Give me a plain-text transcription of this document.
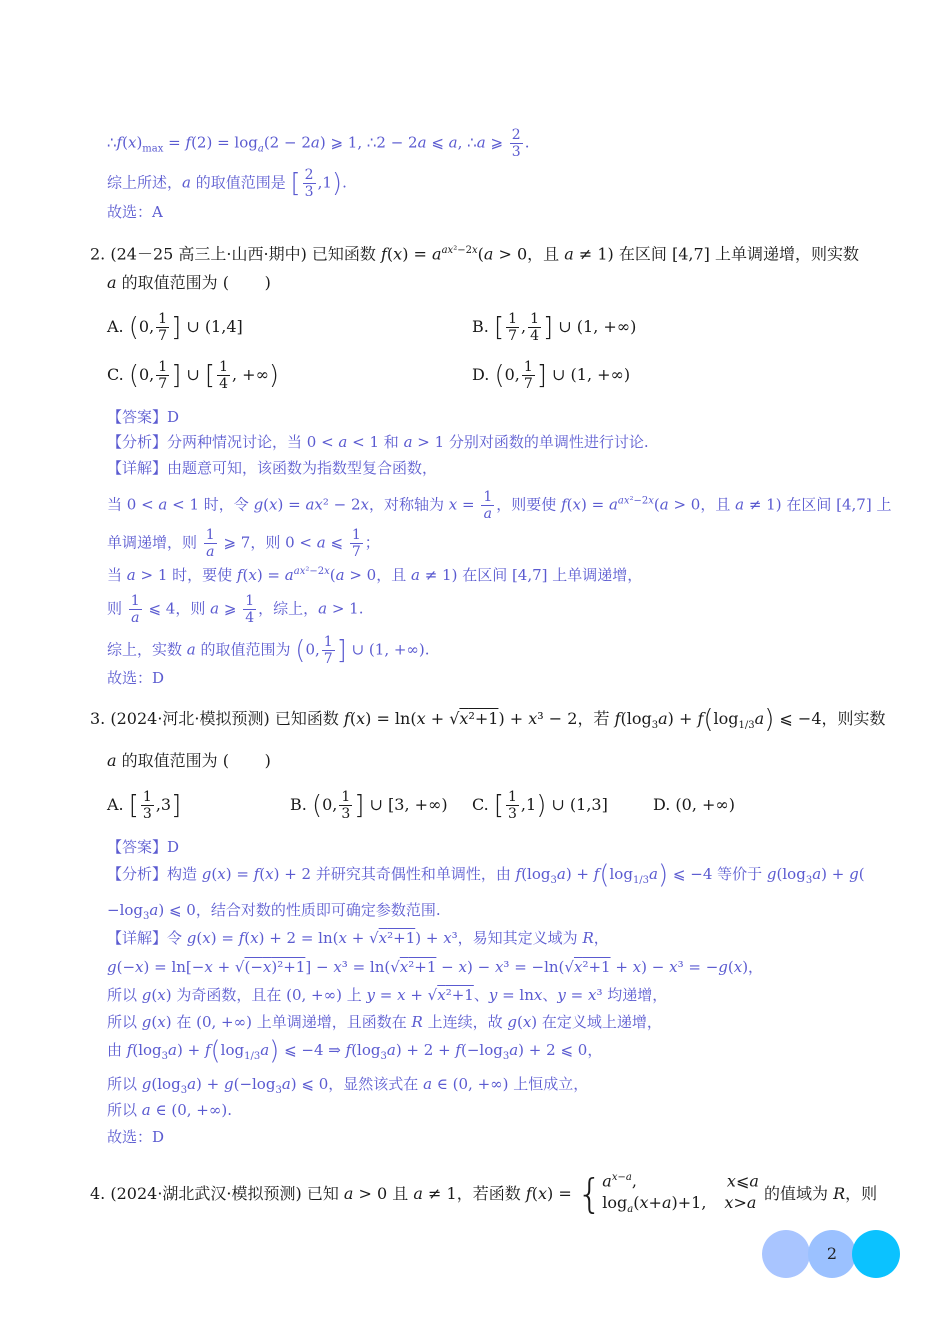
$\therefore f(x)_{max} = f(2) = \log_a(2 - 2a)$ ⩾ 1, ∴2 − 2a ⩽ a, ∴a ⩾ $\frac{2}{3}$ .
综上所述，a 的取值范围是 [ $\frac{2}{3} ,1$).
故选：A
2. (24－25 高三上·山西·期中) 已知函数 $f(x) = a^{ax^2-2x}(a > 0$，且 a ≠ 1) 在区间 [4,7] 上单调递增，则实数
a 的取值范围为 (       )
A. (0, $\frac{1}{7}$ ] ∪ (1,4]	B. [ $\frac{1}{7}$ , $\frac{1}{4}$ ] ∪ (1, +∞)
C. (0, $\frac{1}{7}$ ] ∪ [ $\frac{1}{4}$ , +∞)	D. (0, $\frac{1}{7}$ ] ∪ (1, +∞)
【答案】D
【分析】分两种情况讨论，当 0 < a < 1 和 a > 1 分别对函数的单调性进行讨论.
【详解】由题意可知，该函数为指数型复合函数，
当 0 < a < 1 时，令 g(x) = ax² − 2x，对称轴为 $x = \frac{1}{a}$ ，则要使 $f(x) = a^{ax^2-2x}(a > 0$，且 a ≠ 1) 在区间 [4,7] 上
单调递增，则 $\frac{1}{a}$ ⩾ 7，则 0 < a ⩽ $\frac{1}{7}$ ；
当 a > 1 时，要使 $f(x) = a^{ax^2-2x}(a > 0$，且 a ≠ 1) 在区间 [4,7] 上单调递增，
则 $\frac{1}{a}$ ⩽ 4，则 a ⩾ $\frac{1}{4}$ ，综上，a > 1.
综上，实数 a 的取值范围为 (0, $\frac{1}{7}$ ] ∪ (1, +∞).
故选：D
3. (2024·河北·模拟预测) 已知函数 f(x) = ln(x + √x²+1) + x³ − 2，若 $f(\log_3a) + f(\log_{1/3}a)$ ⩽ −4，则实数
a 的取值范围为 (       )
A. [ $\frac{1}{3} ,3$]	B. (0, $\frac{1}{3}$ ] ∪ [3, +∞) C. [ $\frac{1}{3} ,1$) ∪ (1,3]	D. (0, +∞)
【答案】D
【分析】构造 g(x) = f(x) + 2 并研究其奇偶性和单调性，由 $f(\log_3a) + f(\log_{1/3}a)$ ⩽ −4 等价于 $g(\log_3a) + g$(
$-\log_3a$) ⩽ 0，结合对数的性质即可确定参数范围.
【详解】令 g(x) = f(x) + 2 = ln(x + √x²+1) + x³，易知其定义域为 R，
g(−x) = ln[−x + √(−x)²+1] − x³ = ln(√x²+1 − x) − x³ = −ln(√x²+1 + x) − x³ = −g(x)，
所以 g(x) 为奇函数，且在 (0, +∞) 上 y = x + √x²+1、y = lnx、y = x³ 均递增，
所以 g(x) 在 (0, +∞) 上单调递增，且函数在 R 上连续，故 g(x) 在定义域上递增，
由 $f(\log_3a) + f(\log_{1/3}a)$ ⩽ −4 ⇒ $f(\log_3a) + 2 + f(-\log_3a) + 2$ ⩽ 0，
所以 $g(\log_3a) + g(-\log_3a)$ ⩽ 0，显然该式在 a ∈ (0, +∞) 上恒成立，
所以 a ∈ (0, +∞).
故选：D
4. (2024·湖北武汉·模拟预测) 已知 a > 0 且 a ≠ 1，若函数 f(x) = { $a^{x-a}$,	x⩽a
$\log_a(x+a)+1$, x>a
的值域为 R，则
2
